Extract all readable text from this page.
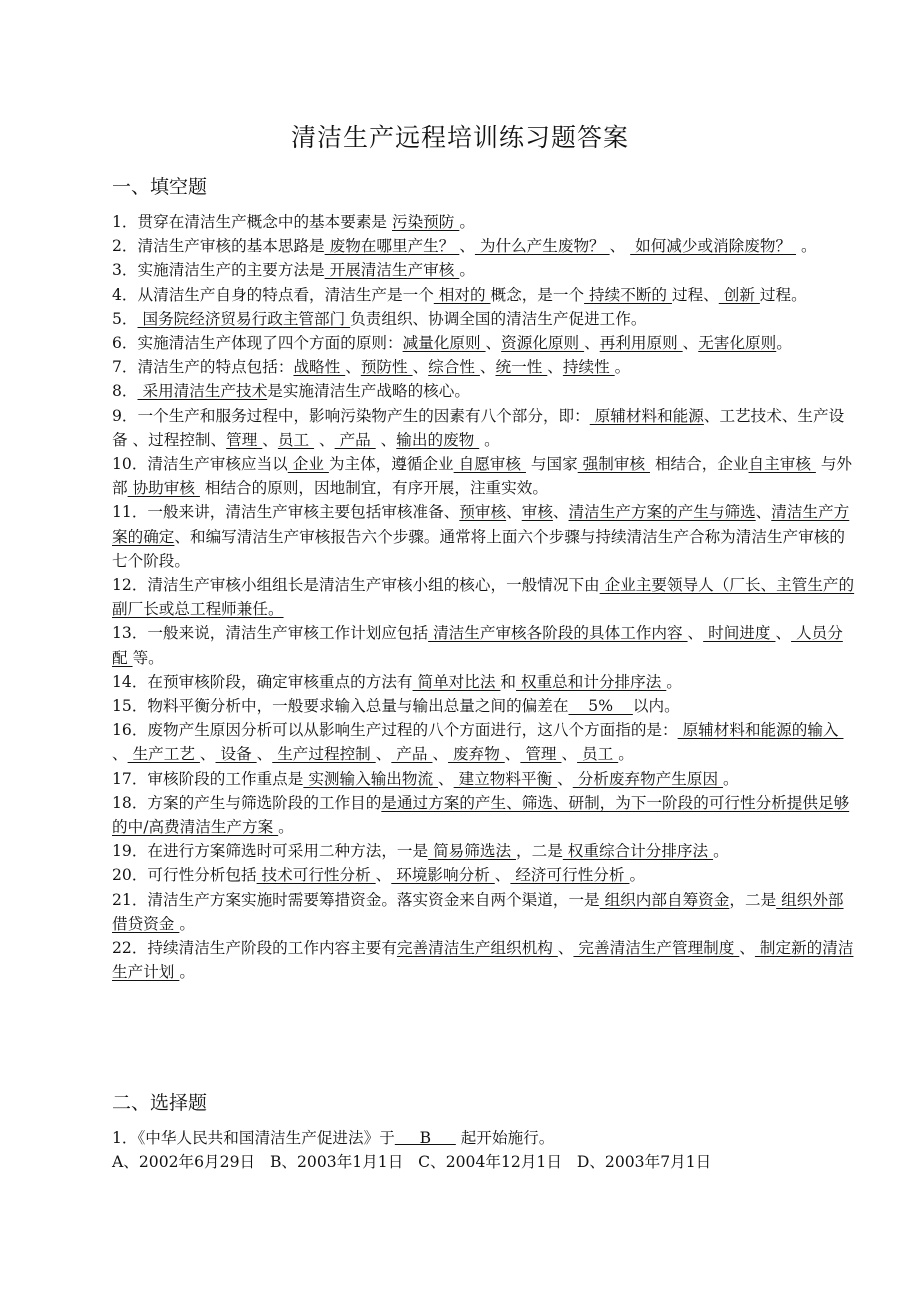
清洁生产远程培训练习题答案
一、填空题

1．贯穿在清洁生产概念中的基本要素是 污染预防 。

2．清洁生产审核的基本思路是 废物在哪里产生？ 、 为什么产生废物？ 、  如何减少或消除废物？  。

3．实施清洁生产的主要方法是 开展清洁生产审核 。

4．从清洁生产自身的特点看，清洁生产是一个 相对的 概念，是一个 持续不断的 过程、 创新 过程。

5． 国务院经济贸易行政主管部门 负责组织、协调全国的清洁生产促进工作。

6．实施清洁生产体现了四个方面的原则：减量化原则 、资源化原则 、再利用原则 、无害化原则。

7．清洁生产的特点包括：战略性 、预防性 、综合性 、统一性 、持续性 。

8． 采用清洁生产技术是实施清洁生产战略的核心。

9．一个生产和服务过程中，影响污染物产生的因素有八个部分，即： 原辅材料和能源、工艺技术、生产设备 、过程控制、管理 、员工  、 产品  、输出的废物  。

10．清洁生产审核应当以 企业 为主体，遵循企业 自愿审核  与国家 强制审核  相结合，企业自主审核  与外部 协助审核  相结合的原则，因地制宜，有序开展，注重实效。

11．一般来讲，清洁生产审核主要包括审核准备、预审核、审核、清洁生产方案的产生与筛选、清洁生产方案的确定、和编写清洁生产审核报告六个步骤。通常将上面六个步骤与持续清洁生产合称为清洁生产审核的七个阶段。

12．清洁生产审核小组组长是清洁生产审核小组的核心，一般情况下由 企业主要领导人（厂长、主管生产的副厂长或总工程师兼任。

13．一般来说，清洁生产审核工作计划应包括 清洁生产审核各阶段的具体工作内容 、 时间进度 、 人员分配 等。

14．在预审核阶段，确定审核重点的方法有 简单对比法 和 权重总和计分排序法 。

15．物料平衡分析中，一般要求输入总量与输出总量之间的偏差在    5%    以内。

16．废物产生原因分析可以从影响生产过程的八个方面进行，这八个方面指的是： 原辅材料和能源的输入 、 生产工艺 、 设备 、 生产过程控制 、 产品 、 废弃物 、 管理 、 员工 。

17．审核阶段的工作重点是 实测输入输出物流 、 建立物料平衡 、 分析废弃物产生原因 。

18．方案的产生与筛选阶段的工作目的是通过方案的产生、筛选、研制，为下一阶段的可行性分析提供足够的中/高费清洁生产方案 。

19．在进行方案筛选时可采用二种方法，一是 简易筛选法 ，二是 权重综合计分排序法 。

20．可行性分析包括 技术可行性分析 、 环境影响分析 、 经济可行性分析 。

21．清洁生产方案实施时需要筹措资金。落实资金来自两个渠道，一是 组织内部自筹资金，二是 组织外部借贷资金 。

22．持续清洁生产阶段的工作内容主要有完善清洁生产组织机构 、 完善清洁生产管理制度 、 制定新的清洁生产计划 。

二、选择题

1．《中华人民共和国清洁生产促进法》于     B      起开始施行。

A、2002年6月29日   B、2003年1月1日   C、2004年12月1日   D、2003年7月1日
